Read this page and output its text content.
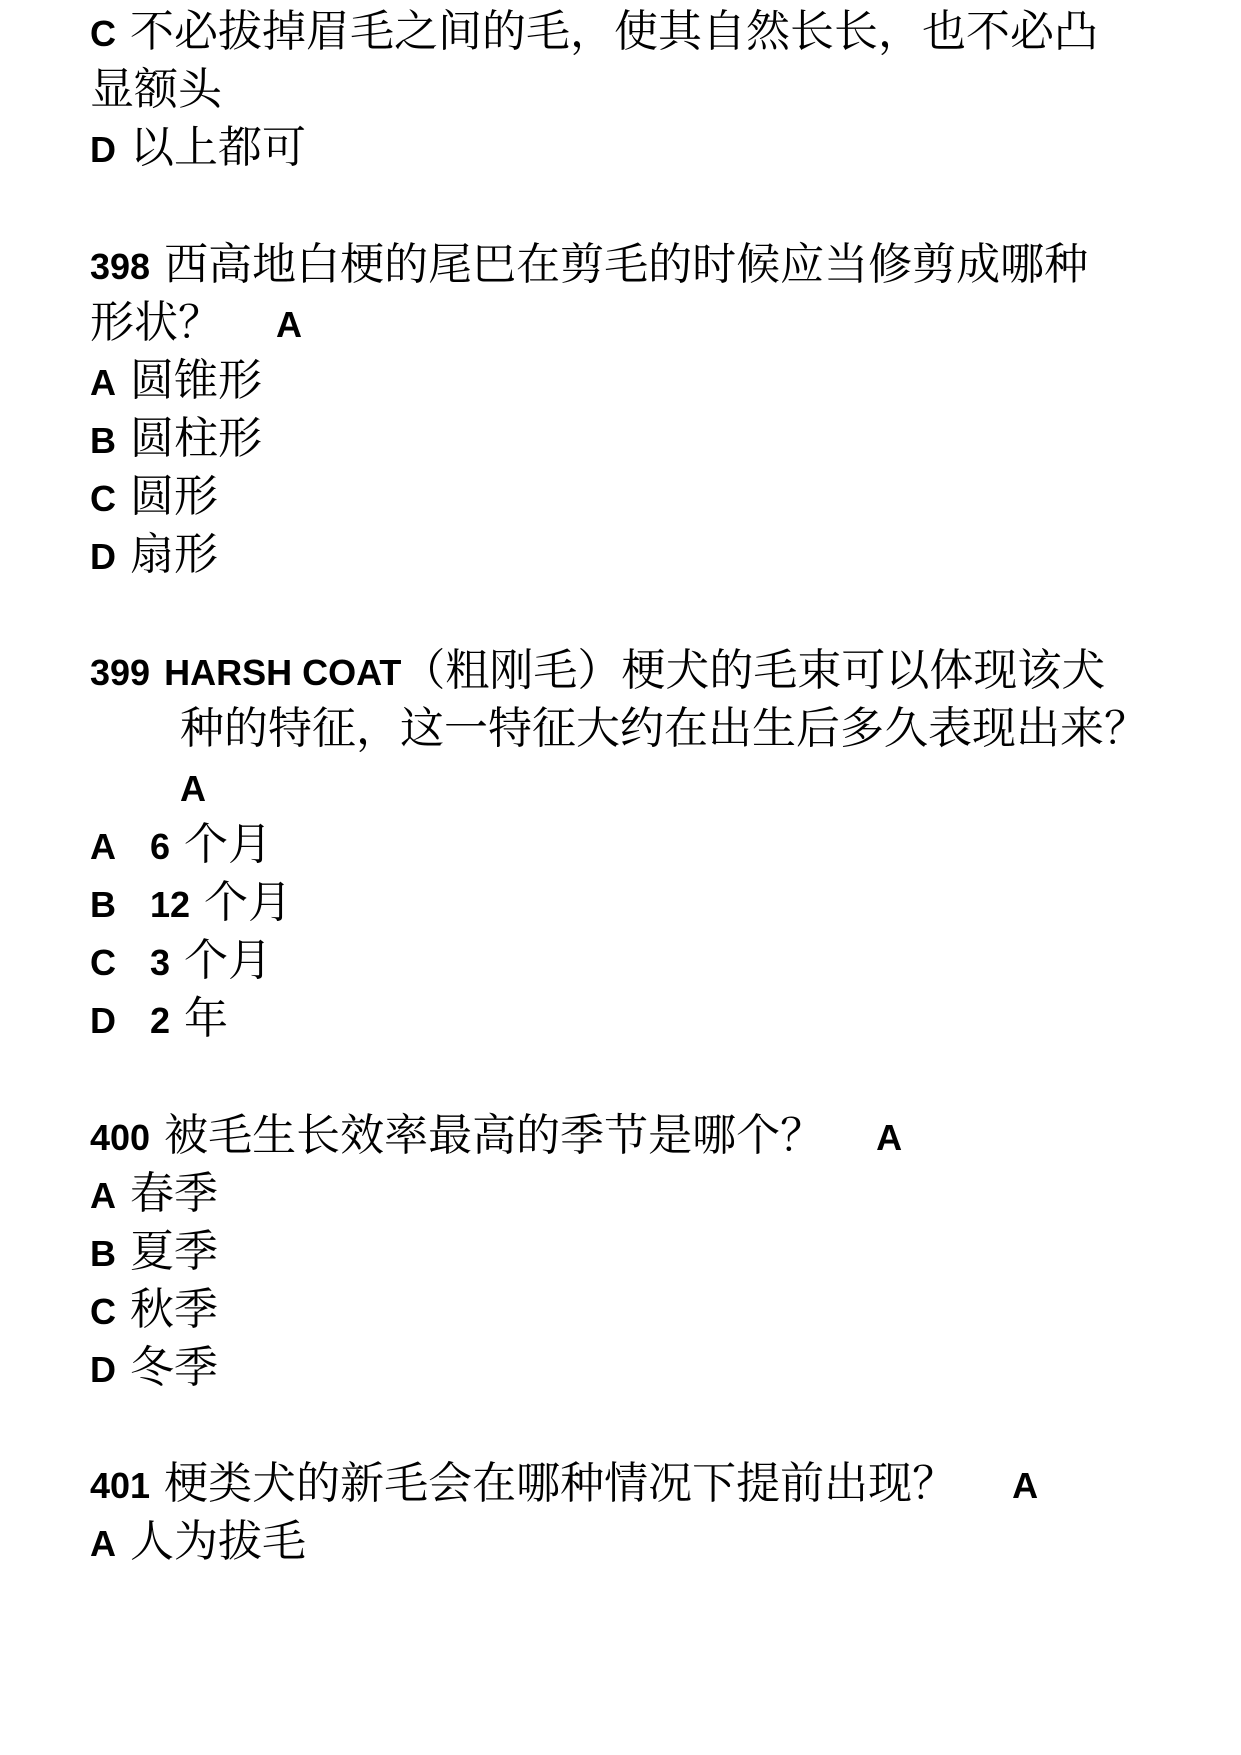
C 不必拔掉眉毛之间的毛，使其自然长长，也不必凸
显额头
D 以上都可
398 西高地白梗的尾巴在剪毛的时候应当修剪成哪种
形状？ A
A 圆锥形
B 圆柱形
C 圆形
D 扇形
399 HARSH COAT（粗刚毛）梗犬的毛束可以体现该犬
种的特征，这一特征大约在出生后多久表现出来？
A
A 6 个月
B 12 个月
C 3 个月
D 2 年
400 被毛生长效率最高的季节是哪个？ A
A 春季
B 夏季
C 秋季
D 冬季
401 梗类犬的新毛会在哪种情况下提前出现？ A
A 人为拔毛
